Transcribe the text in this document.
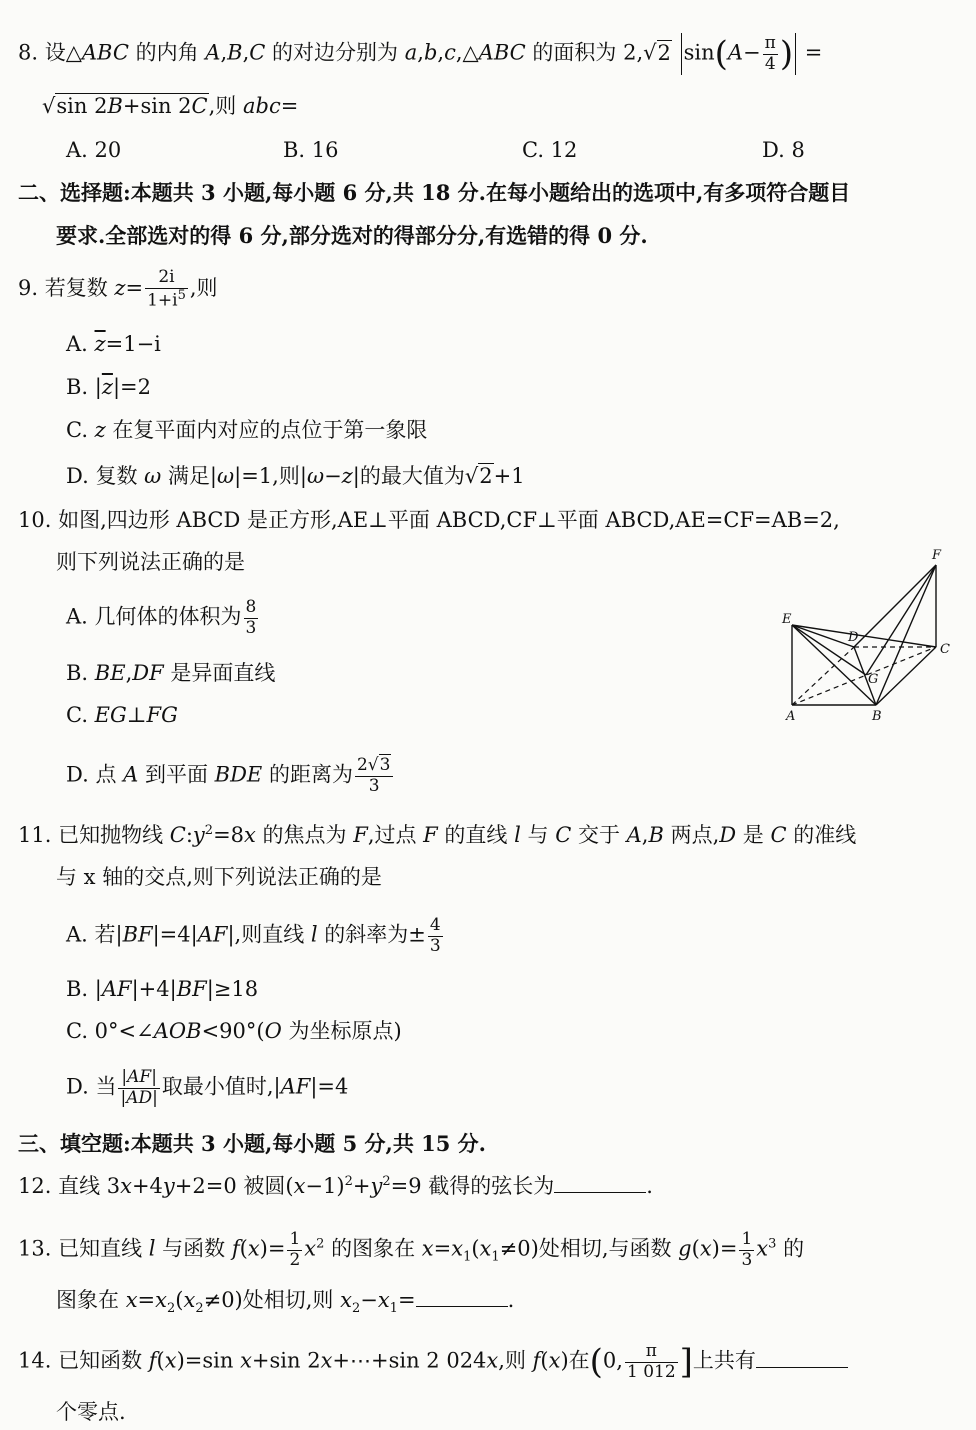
8. 设△ABC 的内角 A,B,C 的对边分别为 a,b,c,△ABC 的面积为 2,√2 $\sin(A- \frac{\pi}{4}$ ) =
√sin 2B+sin 2C,则 abc=
A. 20	B. 16	C. 12	D. 8
二、选择题:本题共 3 小题,每小题 6 分,共 18 分.在每小题给出的选项中,有多项符合题目
要求.全部选对的得 6 分,部分选对的得部分分,有选错的得 0 分.
9. 若复数 $z= \frac{2i}{1+i^5}$ ,则
A. $\overline{z}=1-i$
B. $|\overline{z}|=2$
C. z 在复平面内对应的点位于第一象限
D. 复数 ω 满足|ω|=1,则|ω−z|的最大值为√2+1
10. 如图,四边形 ABCD 是正方形,AE⊥平面 ABCD,CF⊥平面 ABCD,AE=CF=AB=2,
则下列说法正确的是
A. 几何体的体积为 $\frac{8}{3}$
B. BE,DF 是异面直线
C. EG⊥FG
D. 点 A 到平面 BDE 的距离为 $\frac{2√3}{3}$
F
E
D
C
G
A	B
11. 已知抛物线 $C:y^2=8x$ 的焦点为 F,过点 F 的直线 l 与 C 交于 A,B 两点,D 是 C 的准线
与 x 轴的交点,则下列说法正确的是
A. 若|BF|=4|AF|,则直线 l 的斜率为± $\frac{4}{3}$
B. |AF|+4|BF|≥18
C. 0°<∠AOB<90°(O 为坐标原点)
D. 当 $\frac{|AF|}{|AD|}$ 取最小值时,|AF|=4
三、填空题:本题共 3 小题,每小题 5 分,共 15 分.
12. 直线 3x+4y+2=0 被圆$(x-1)^2+y^2=9$ 截得的弦长为	.
13. 已知直线 l 与函数 $f(x)= \frac{1}{2} x^2$ 的图象在 $x=x_1(x_1\ne 0)$处相切,与函数 $g(x)= \frac{1}{3} x^3$ 的
图象在 $x=x_2(x_2\ne 0)$处相切,则 $x_2-x_1=$	.
14. 已知函数 f(x)=sin x+sin 2x+⋯+sin 2 024x,则 f(x)在(0, $\frac{\pi}{1 012}$ ]上共有
个零点.
